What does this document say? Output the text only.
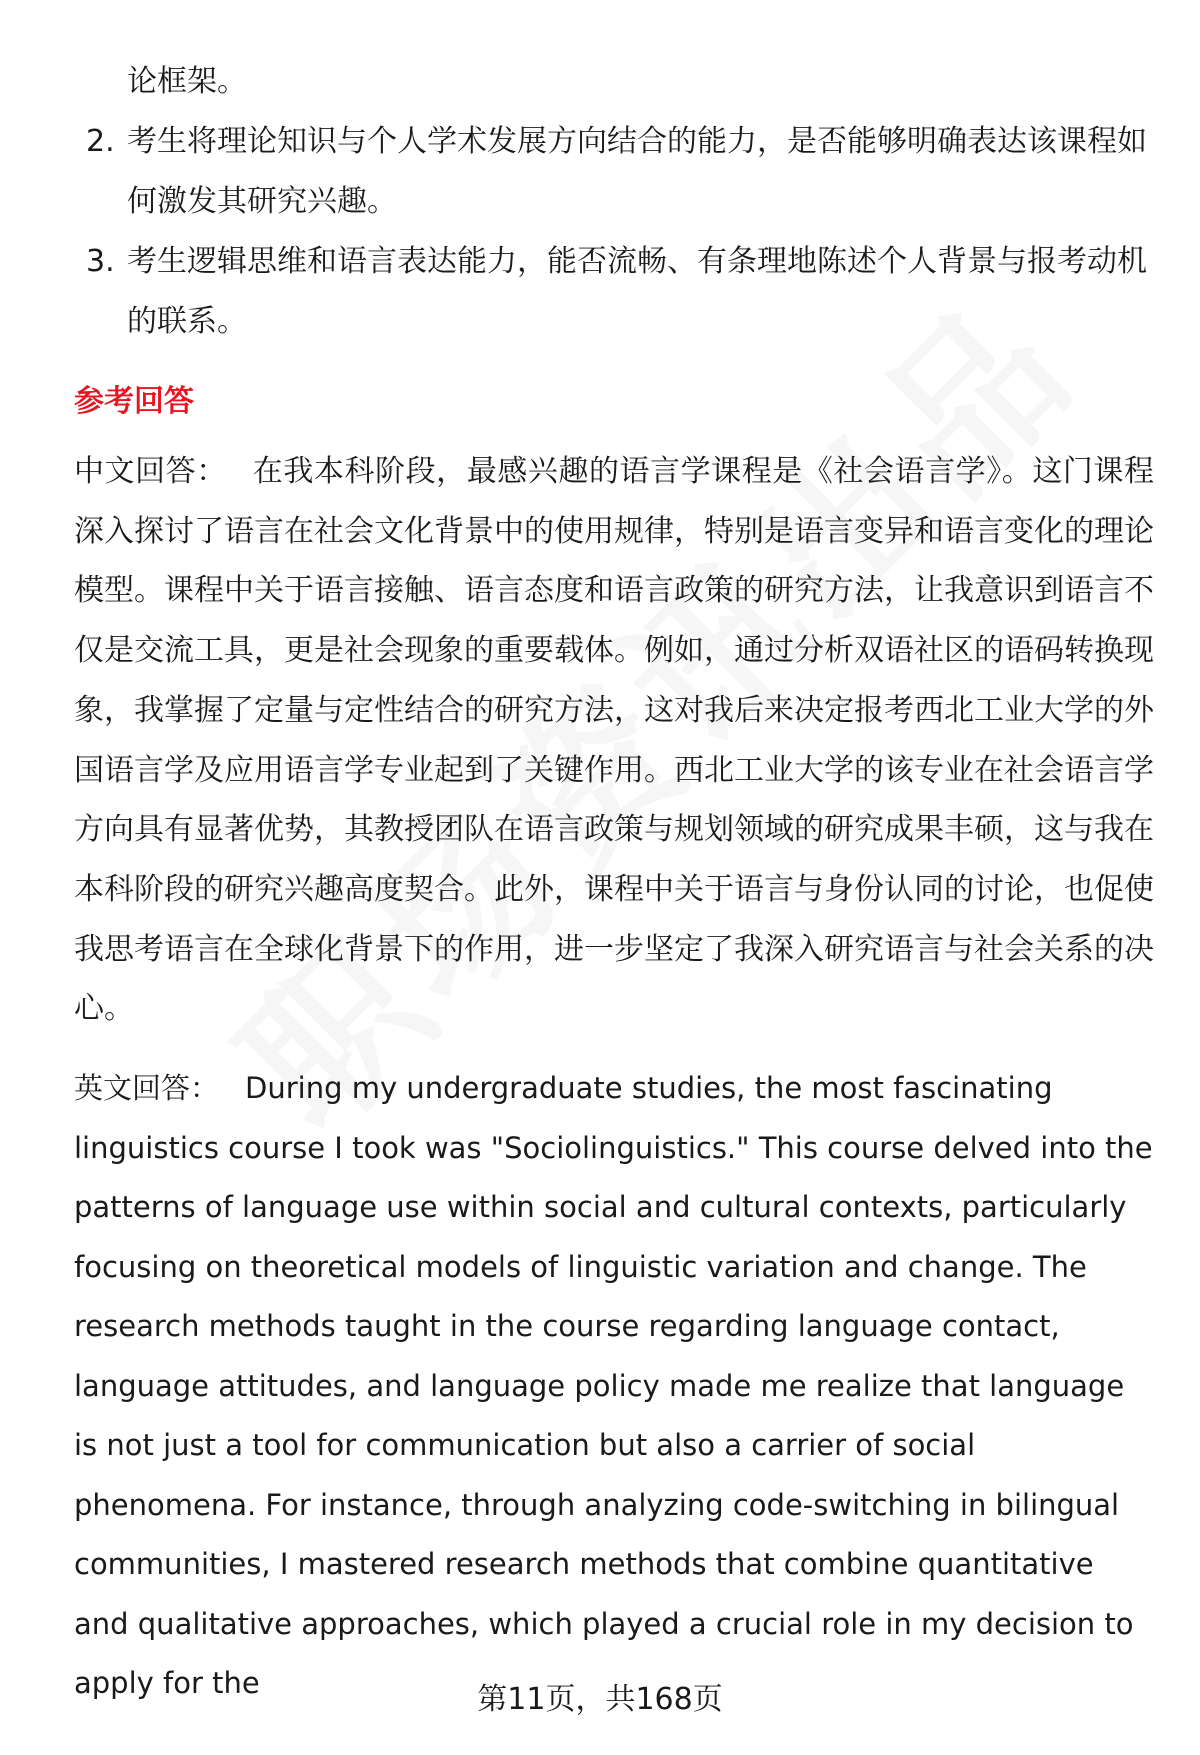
论框架。

2. 考生将理论知识与个人学术发展方向结合的能力，是否能够明确表达该课程如何激发其研究兴趣。
3. 考生逻辑思维和语言表达能力，能否流畅、有条理地陈述个人背景与报考动机的联系。
参考回答

中文回答： 在我本科阶段，最感兴趣的语言学课程是《社会语言学》。这门课程深入探讨了语言在社会文化背景中的使用规律，特别是语言变异和语言变化的理论模型。课程中关于语言接触、语言态度和语言政策的研究方法，让我意识到语言不仅是交流工具，更是社会现象的重要载体。例如，通过分析双语社区的语码转换现象，我掌握了定量与定性结合的研究方法，这对我后来决定报考西北工业大学的外国语言学及应用语言学专业起到了关键作用。西北工业大学的该专业在社会语言学方向具有显著优势，其教授团队在语言政策与规划领域的研究成果丰硕，这与我在本科阶段的研究兴趣高度契合。此外，课程中关于语言与身份认同的讨论，也促使我思考语言在全球化背景下的作用，进一步坚定了我深入研究语言与社会关系的决心。

英文回答： During my undergraduate studies, the most fascinating linguistics course I took was "Sociolinguistics." This course delved into the patterns of language use within social and cultural contexts, particularly focusing on theoretical models of linguistic variation and change. The research methods taught in the course regarding language contact, language attitudes, and language policy made me realize that language is not just a tool for communication but also a carrier of social phenomena. For instance, through analyzing code-switching in bilingual communities, I mastered research methods that combine quantitative and qualitative approaches, which played a crucial role in my decision to apply for the	第11页，共168页
